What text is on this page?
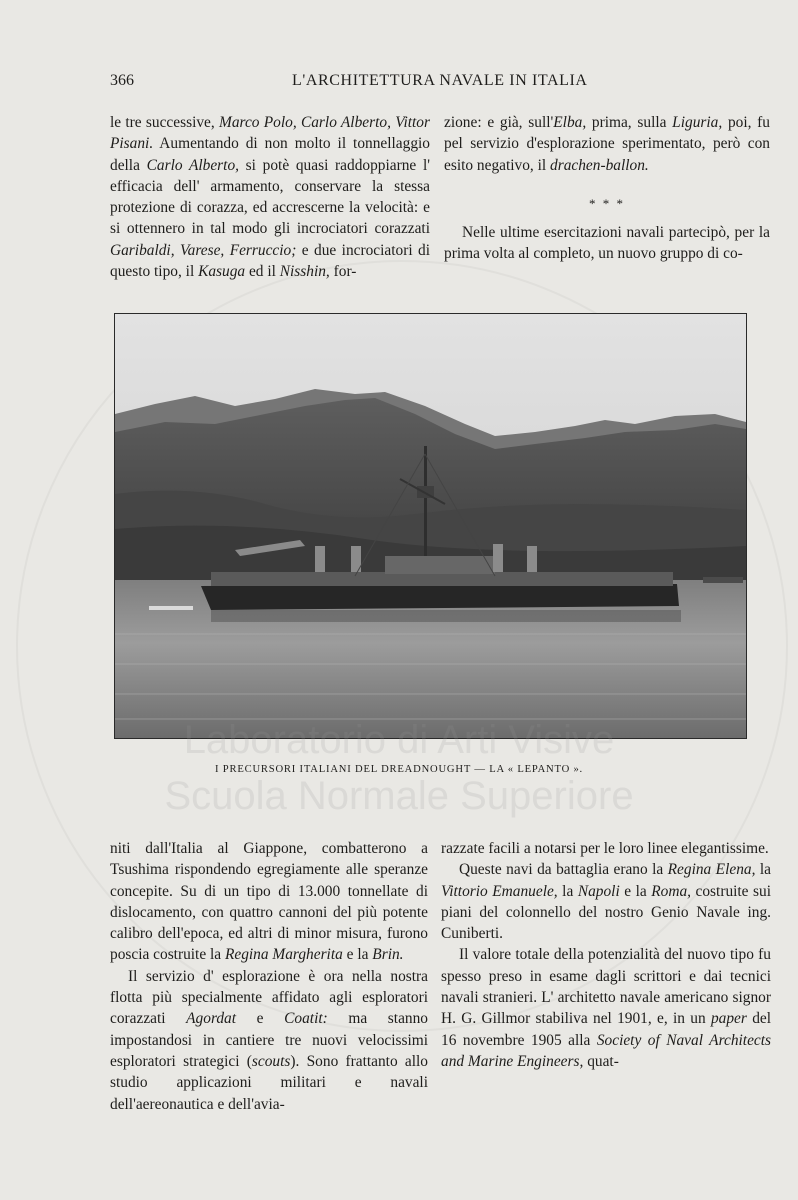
366	L'ARCHITETTURA NAVALE IN ITALIA

le tre successive, Marco Polo, Carlo Alberto, Vittor Pisani. Aumentando di non molto il tonnellaggio della Carlo Alberto, si potè quasi raddoppiarne l' efficacia dell' armamento, conservare la stessa protezione di corazza, ed accrescerne la velocità: e si ottennero in tal modo gli incrociatori corazzati Garibaldi, Varese, Ferruccio; e due incrociatori di questo tipo, il Kasuga ed il Nisshin, for-

zione: e già, sull'Elba, prima, sulla Liguria, poi, fu pel servizio d'esplorazione sperimentato, però con esito negativo, il drachen-ballon.

* * *

Nelle ultime esercitazioni navali partecipò, per la prima volta al completo, un nuovo gruppo di co-

I PRECURSORI ITALIANI DEL DREADNOUGHT — LA « LEPANTO ».
Laboratorio di Arti Visive
Scuola Normale Superiore

niti dall'Italia al Giappone, combatterono a Tsushima rispondendo egregiamente alle speranze concepite. Su di un tipo di 13.000 tonnellate di dislocamento, con quattro cannoni del più potente calibro dell'epoca, ed altri di minor misura, furono poscia costruite la Regina Margherita e la Brin.

Il servizio d' esplorazione è ora nella nostra flotta più specialmente affidato agli esploratori corazzati Agordat e Coatit: ma stanno impostandosi in cantiere tre nuovi velocissimi esploratori strategici (scouts). Sono frattanto allo studio applicazioni militari e navali dell'aereonautica e dell'avia-

razzate facili a notarsi per le loro linee elegantissime.

Queste navi da battaglia erano la Regina Elena, la Vittorio Emanuele, la Napoli e la Roma, costruite sui piani del colonnello del nostro Genio Navale ing. Cuniberti.

Il valore totale della potenzialità del nuovo tipo fu spesso preso in esame dagli scrittori e dai tecnici navali stranieri. L' architetto navale americano signor H. G. Gillmor stabiliva nel 1901, e, in un paper del 16 novembre 1905 alla Society of Naval Architects and Marine Engineers, quat-
